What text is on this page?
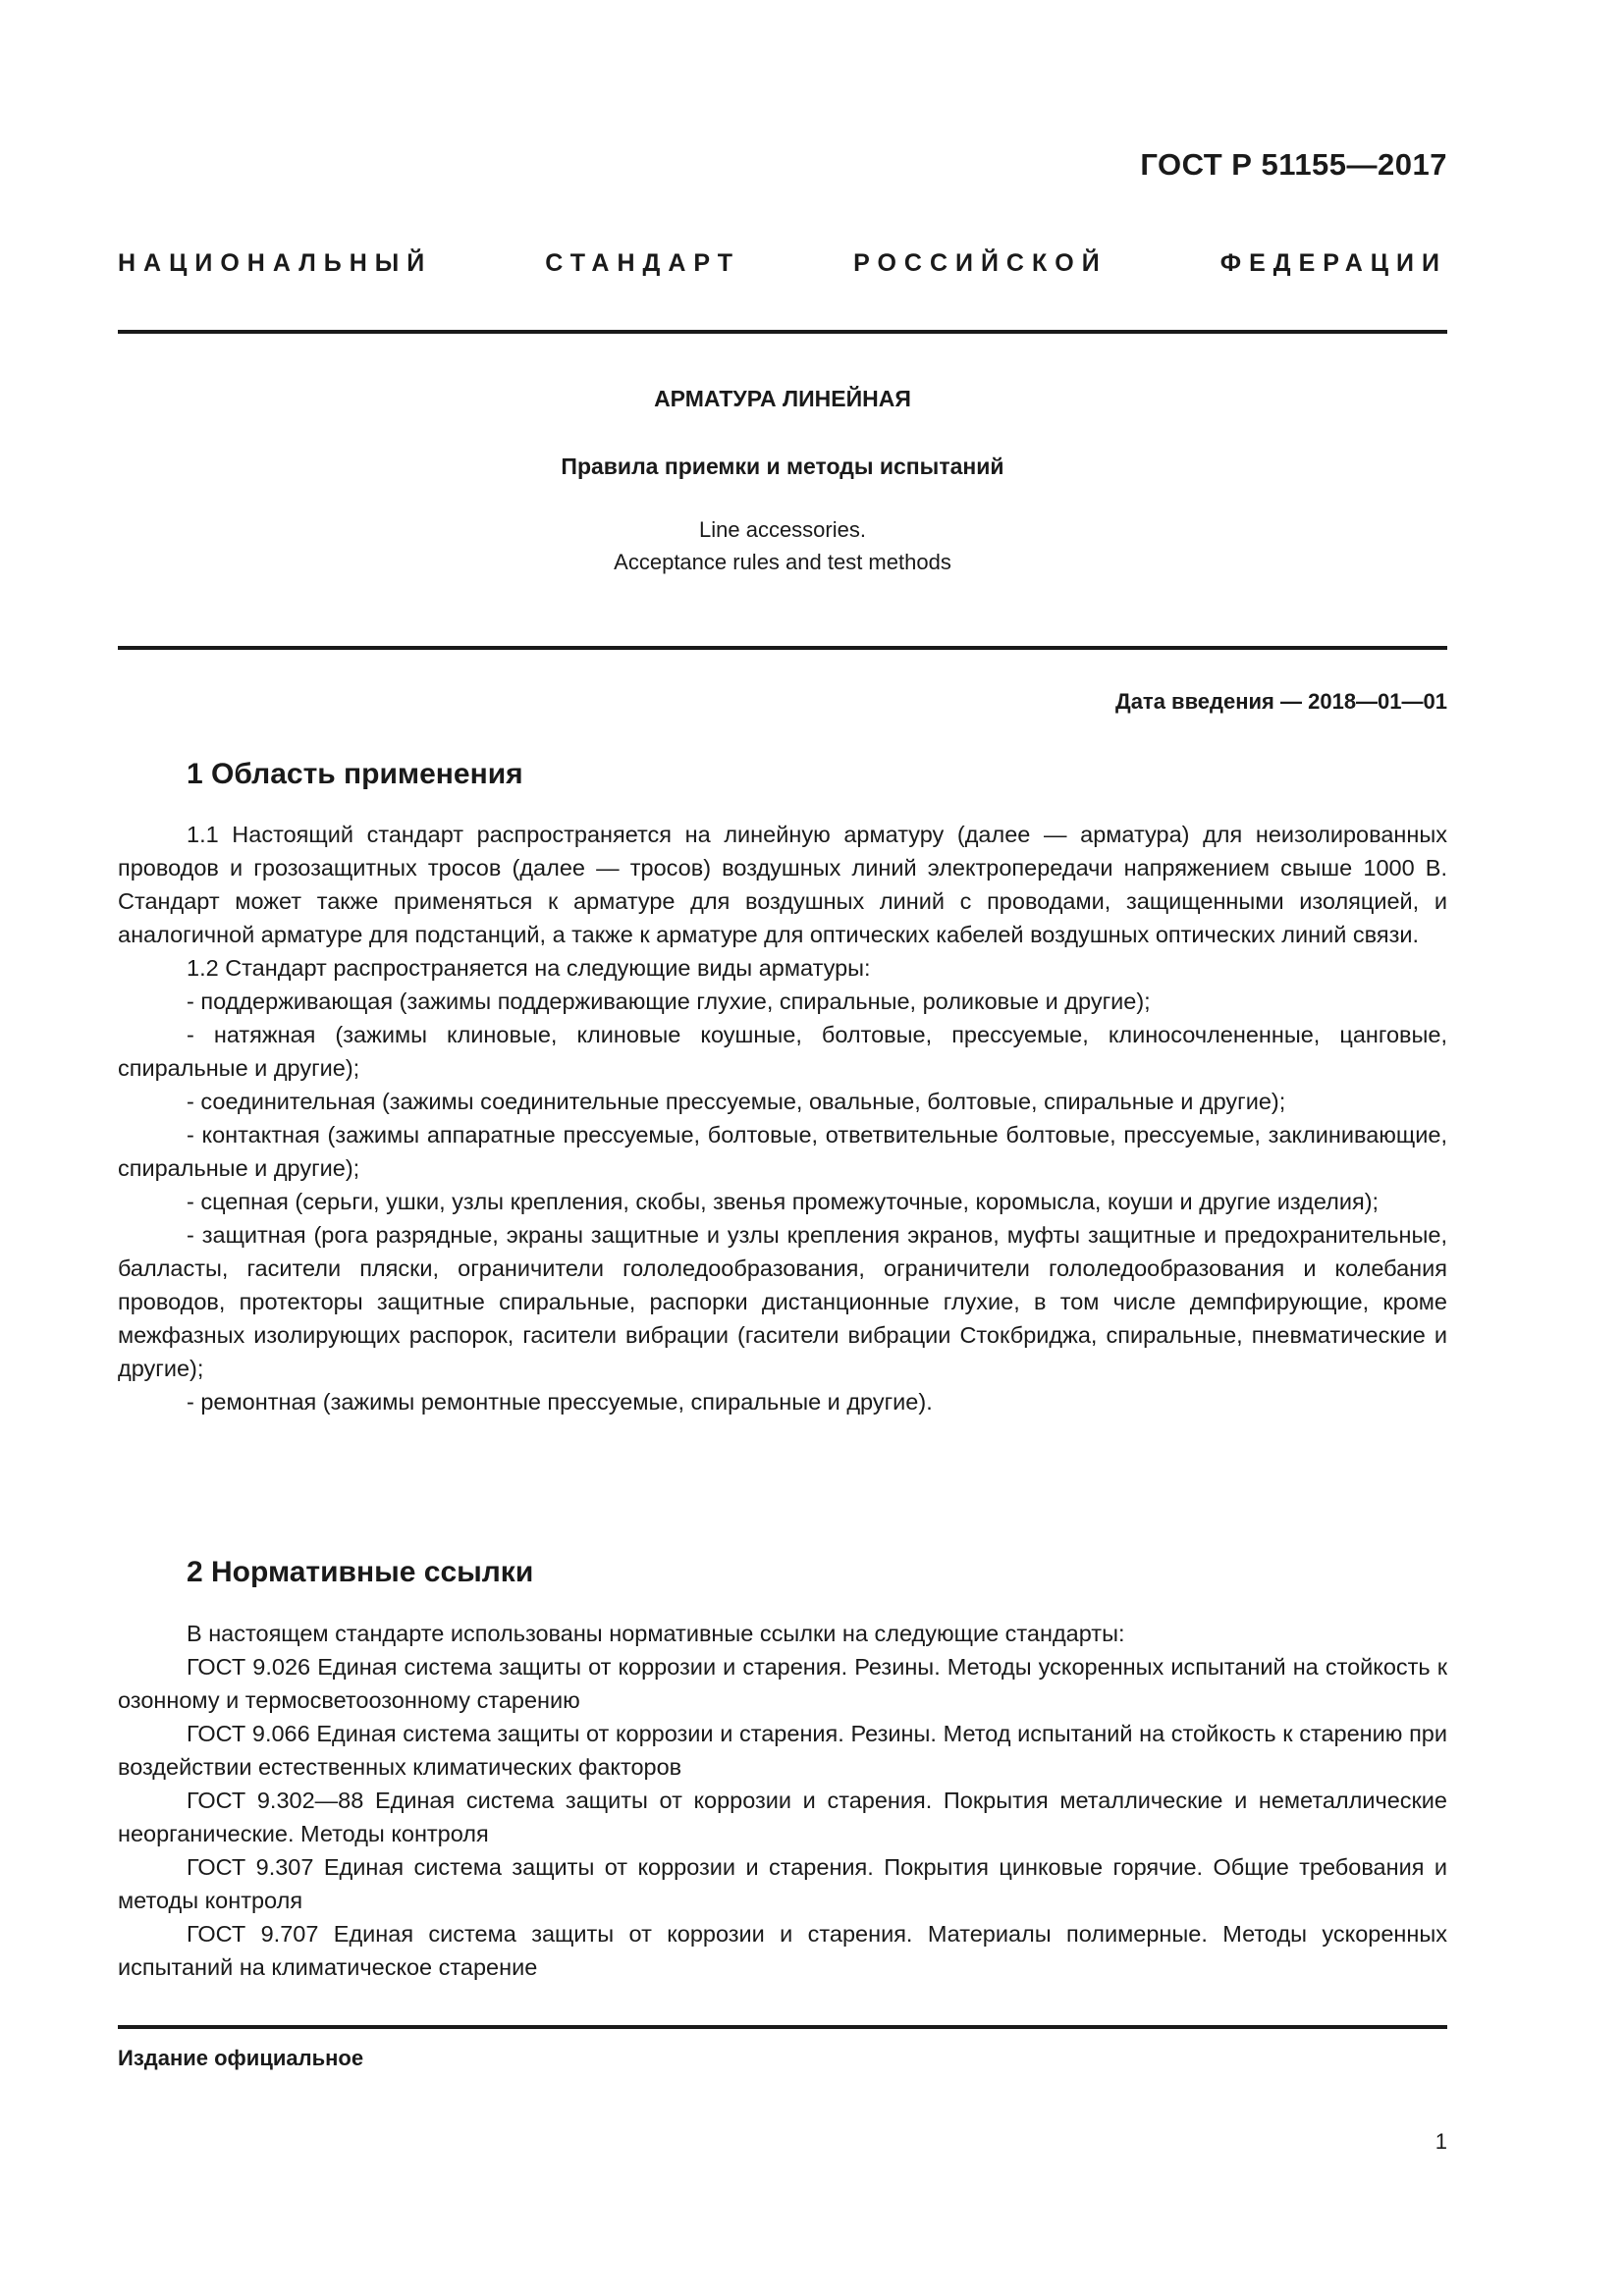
ГОСТ Р 51155—2017
НАЦИОНАЛЬНЫЙ	СТАНДАРТ	РОССИЙСКОЙ	ФЕДЕРАЦИИ
АРМАТУРА ЛИНЕЙНАЯ
Правила приемки и методы испытаний
Line accessories.
Acceptance rules and test methods
Дата введения — 2018—01—01
1 Область применения

1.1 Настоящий стандарт распространяется на линейную арматуру (далее — арматура) для неизолированных проводов и грозозащитных тросов (далее — тросов) воздушных линий электропередачи напряжением свыше 1000 В. Стандарт может также применяться к арматуре для воздушных линий с проводами, защищенными изоляцией, и аналогичной арматуре для подстанций, а также к арматуре для оптических кабелей воздушных оптических линий связи.

1.2 Стандарт распространяется на следующие виды арматуры:

- поддерживающая (зажимы поддерживающие глухие, спиральные, роликовые и другие);

- натяжная (зажимы клиновые, клиновые коушные, болтовые, прессуемые, клиносочлененные, цанговые, спиральные и другие);

- соединительная (зажимы соединительные прессуемые, овальные, болтовые, спиральные и другие);

- контактная (зажимы аппаратные прессуемые, болтовые, ответвительные болтовые, прессуемые, заклинивающие, спиральные и другие);

- сцепная (серьги, ушки, узлы крепления, скобы, звенья промежуточные, коромысла, коуши и другие изделия);

- защитная (рога разрядные, экраны защитные и узлы крепления экранов, муфты защитные и предохранительные, балласты, гасители пляски, ограничители гололедообразования, ограничители гололедообразования и колебания проводов, протекторы защитные спиральные, распорки дистанционные глухие, в том числе демпфирующие, кроме межфазных изолирующих распорок, гасители вибрации (гасители вибрации Стокбриджа, спиральные, пневматические и другие);

- ремонтная (зажимы ремонтные прессуемые, спиральные и другие).

2 Нормативные ссылки

В настоящем стандарте использованы нормативные ссылки на следующие стандарты:

ГОСТ 9.026 Единая система защиты от коррозии и старения. Резины. Методы ускоренных испытаний на стойкость к озонному и термосветоозонному старению

ГОСТ 9.066 Единая система защиты от коррозии и старения. Резины. Метод испытаний на стойкость к старению при воздействии естественных климатических факторов

ГОСТ 9.302—88 Единая система защиты от коррозии и старения. Покрытия металлические и неметаллические неорганические. Методы контроля

ГОСТ 9.307 Единая система защиты от коррозии и старения. Покрытия цинковые горячие. Общие требования и методы контроля

ГОСТ 9.707 Единая система защиты от коррозии и старения. Материалы полимерные. Методы ускоренных испытаний на климатическое старение

Издание официальное
1
